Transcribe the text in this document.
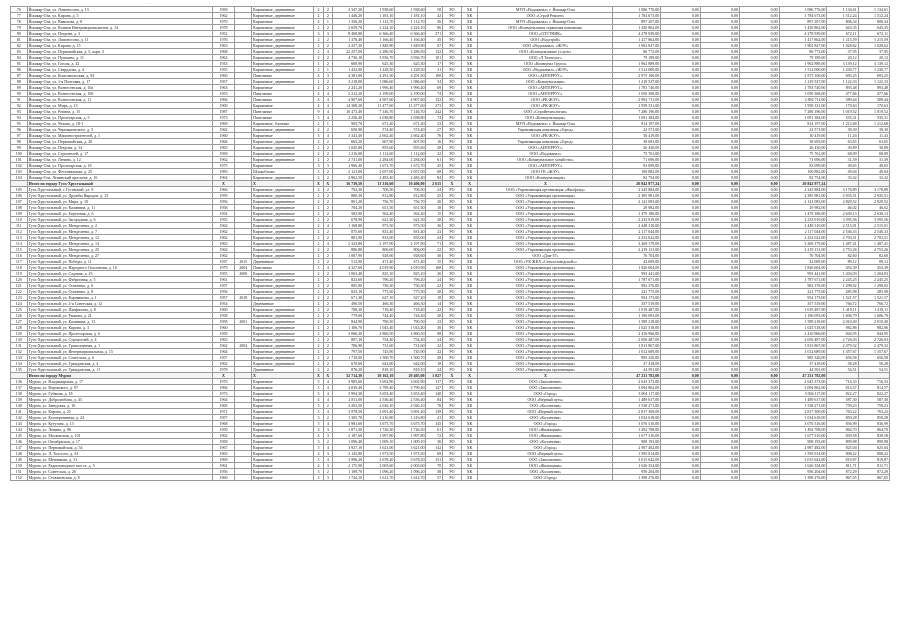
.	.	·	.	·	.	·
76	Йошкар-Ола, ул. Ломоносова, д. 13	1958		Кирпичные, деревянные	2	2	2 347,20	1 938,60	1 938,60	58	РО	ХК	МУП «Водоканал» г. Йошкар-Олы	1 086 776,00	0,00	0,00	0,00	1 086 776,00	1 134,61	1 134,61
77	Йошкар-Ола, ул. Кирова, д. 5	1962		Кирпичные, деревянные	2	2	1 446,20	1 181,10	1 181,10	42	РО	ХК	ООО «Строй Ремонт»	1 784 673,00	0,00	0,00	0,00	1 784 673,00	1 512,24	1 512,24
78	Йошкар-Ола, ул. Вавилова, д. 8	1970		Кирпичные	4	1	1 356,20	1 112,70	1 112,70	36	РО	ХК	МУП «Водоканал» г. Йошкар-Олы	897 207,00	0,00	0,00	0,00	897 207,00	806,34	806,34
79	Йошкар-Ола, ул. Воинов Интернационалистов, д. 14	1978		Кирпичные, деревянные	2	2	2 659,70	2 224,10	2 224,10	86	РО	ХК	ООО «Коммунальная сервисная компания»	1 430 862,00	0,00	0,00	0,00	1 430 862,00	643,35	643,35
80	Йошкар-Ола, ул. Петрова, д. 3	1952		Кирпичные, деревянные	3	3	8 468,80	6 366,40	6 366,40	271	РО	ХК	ООО «СПУТНИК»	4 278 939,00	0,00	0,00	0,00	4 278 939,00	672,11	672,11
81	Йошкар-Ола, ул. Ломоносова, д. 11	1976		Кирпичные, деревянные	2	2	1 376,40	1 166,40	1 166,40	45	РО	ХК	ООО «Водстрой»	1 417 862,00	0,00	0,00	0,00	1 417 862,00	1 215,59	1 215,59
82	Йошкар-Ола, ул. Кирова, д. 15	1963		Кирпичные, деревянные	2	2	2 257,30	1 849,90	1 849,90	67	РО	ХК	ООО «Водоканал» «ЖЭУ»	1 902 847,00	0,00	0,00	0,00	1 902 847,00	1 028,62	1 028,62
83	Йошкар-Ола, ул. Первомайская, д. 5, корп. 2	1968		Кирпичные, деревянные	2	4	22 257,00	2 286,50	2 286,50	132	РО	ХК	ООО «Коммунальные услуги»	86 772,00	0,00	0,00	0,00	86 772,00	37,95	37,95
84	Йошкар-Ола, ул. Пушкина, д. 11	1962		Кирпичные, деревянные	2	2	4 736,10	3 936,70	3 936,70	101	РО	ХК	ООО «Л Технолог»	79 189,00	0,00	0,00	0,00	79 189,00	20,12	20,12
85	Йошкар-Ола, ул. Гоголя, д. 22	1933		Кирпичные, деревянные	1	2	668,90	625,30	625,30	17	РО	ХК	ООО «Коммунал Групп»	1 962 889,00	0,00	0,00	0,00	1 962 889,00	3 139,12	3 139,12
86	Йошкар-Ола, ул. Свердлова, д. 4	1955		Кирпичные, деревянные	2	1	1 432,90	1 228,50	1 228,50	31	РО	ХК	ООО «Водоканал» «ЖЭУ»	1 512 000,00	0,00	0,00	0,00	1 512 000,00	1 230,77	1 230,77
87	Йошкар-Ола, ул. Комсомольская, д. 94	1960		Панельные	4	3	4 381,00	4 291,50	4 291,50	100	РО	ХК	ООО «АНТЕРРУС»	2 975 100,00	0,00	0,00	0,00	2 975 100,00	693,25	693,25
88	Йошкар-Ола, ул. 1-я Почтовая, д. 17	1957		Кирпичные, деревянные	1	2	3 218,00	1 086,60	1 086,60	54	РО	ХК	ООО «Коммунальник»	1 219 527,00	0,00	0,00	0,00	1 219 527,00	1 122,33	1 122,33
89	Йошкар-Ола, ул. Вознесенская, д. 10а	1963		Кирпичные	2	2	2 241,20	1 996,40	1 996,40	69	РО	ХК	ООО «АНТЕРРУС»	1 783 740,00	0,00	0,00	0,00	1 783 740,00	893,48	893,48
90	Йошкар-Ола, ул. Вознесенская, д. 106	1953		Панельные	4	4	2 212,20	2 199,00	2 199,00	74	РО	ХК	ООО «АНТЕРРУС»	1 050 368,00	0,00	0,00	0,00	1 050 368,00	477,66	477,66
91	Йошкар-Ола, ул. Вознесенская, д. 11	1966		Панельные	4	4	4 907,60	4 907,60	4 907,60	152	РО	ХК	ООО «РК-ЖЭУ»	2 892 711,00	0,00	0,00	0,00	2 892 711,00	589,44	589,44
92	Йошкар-Ола, ул. Мира, д. 13	1969		Кирпичные	4	4	14 308,20	11 477,60	11 477,60	273	РО	ХК	ООО «РК-ЖЭУ»	1 958 331,00	0,00	0,00	0,00	1 958 331,00	170,63	170,63
93	Йошкар-Ола, ул. Репина, д. 15	1987		Панельные	9	4	10 473,40	7 146,70	7 146,70	242	РО	ХК	ООО «Стройтехнологии»	7 286 196,00	0,00	0,00	0,00	7 286 196,00	1 019,52	1 019,52
94	Йошкар-Ола, ул. Пролетарская, д. 5	1973		Панельные	5	4	2 256,40	2 038,80	2 038,80	74	РО	ХК	ООО «Коммунальщик»	1 091 384,00	0,00	0,00	0,00	1 091 384,00	535,31	535,31
95	Йошкар-Ола, ул. Чехова, д. 18-1	1969		Кирпичные, блочные	2	1	905,70	671,40	671,40	23	РО	ХК	МУП «Водоканал» г. Йошкар-Олы	814 197,00	0,00	0,00	0,00	814 197,00	1 212,68	1 212,68
96	Йошкар-Ола, ул. Чернышевского, д. 5	1962		Кирпичные, деревянные	2	2	650,90	574,40	574,40	27	РО	ХК	Управляющая компания «Город»	22 571,00	0,00	0,00	0,00	22 571,00	39,30	39,30
97	Йошкар-Ола, ул. Машиностроителей, д. 1	1960		Кирпичные	3	4	3 343,40	2 662,40	2 662,40	76	РО	ХК	ООО «РК-ЖЭУ»	30 419,00	0,00	0,00	0,00	30 419,00	11,43	11,43
98	Йошкар-Ола, ул. Первомайская, д. 20	1964		Кирпичные, деревянные	2	2	665,20	607,90	607,90	16	РО	ХК	Управляющая компания «Город»	38 693,00	0,00	0,00	0,00	38 693,00	63,65	63,65
99	Йошкар-Ола, ул. Петрова, д. 14	1965		Кирпичные, деревянные	2	2	1 045,80	855,60	855,60	28	РО	ХК	ООО «АНТЕРРУС»	26 430,00	0,00	0,00	0,00	26 430,00	30,89	30,89
100	Йошкар-Ола, ул. Строителей, д. 17	1958		Кирпичные, деревянные	2	2	1 216,00	1 112,60	1 112,60	32	РО	ХК	ООО «Водоканал»	75 761,00	0,00	0,00	0,00	75 761,00	68,09	68,09
101	Йошкар-Ола, ул. Ленина, д. 12	1962		Кирпичные, деревянные	2	2	2 741,00	2 284,00	2 284,00	61	РО	ХК	ООО «Коммунальное хозяйство»	71 696,00	0,00	0,00	0,00	71 696,00	31,39	31,39
102	Йошкар-Ола, ул. Пролетарская, д. 18	1975		Кирпичные	3	3	1 966,40	1 673,70	1 673,70	45	РО	ХК	ООО «АНТЕРРУС»	83 099,00	0,00	0,00	0,00	83 099,00	49,65	49,65
103	Йошкар-Ола, ул. Фестивальная, д. 25	1983		Шлакоблоки	5	2	2 121,00	2 057,00	2 057,00	68	РО	ХК	ООО ГК «ЖЭУ»	100 882,00	0,00	0,00	0,00	100 882,00	49,04	49,04
104	Йошкар-Ола, Ленинский проспект, д. 16	1964		Кирпичные, деревянные	2	2	2 862,50	2 483,40	2 483,40	84	РО	ХК	ООО «Коммунальщик»	82 754,00	0,00	0,00	0,00	82 754,00	33,32	33,32
	Итого по городу Гусь-Хрустальный	X		X	X	X	16 739,50	13 316,60	10 406,00	2 615	X	X	X	20 842 977,24	0,00	0,00	0,00	20 842 977,24		
105	Гусь-Хрустальный, г. Гусевский, ул. 9	1966		Кирпичные, деревянные	2	2	792,30	706,50	706,50	24	РО	ХК	ООО «Управляющая организация «Жилфонд»	2 245 884,00	0,00	0,00	0,00	2 245 884,00	3 178,89	3 178,89
106	Гусь-Хрустальный, ул. Дружбы Народов, д. 13	1959		Кирпичные, деревянные	2	2	880,30	812,80	812,80	25	РО	ХК	ООО «Управляющая организация»	2 385 981,00	0,00	0,00	0,00	2 385 981,00	2 935,51	2 935,51
107	Гусь-Хрустальный, ул. Мира, д. 10	1956		Кирпичные, деревянные	2	2	801,20	756,70	756,70	26	РО	ХК	ООО «Управляющая организация»	2 141 083,00	0,00	0,00	0,00	2 141 083,00	2 829,52	2 829,52
108	Гусь-Хрустальный, ул. Калинина, д. 11	1958		Кирпичные, деревянные	2	2	704,20	651,50	651,50	18	РО	ХК	ООО «Управляющая организация»	29 982,00	0,00	0,00	0,00	29 982,00	46,02	46,02
109	Гусь-Хрустальный, ул. Березовая, д. 6	1954		Кирпичные, деревянные	2	2	583,90	562,40	562,40	15	РО	ХК	ООО «Управляющая организация»	1 479 186,00	0,00	0,00	0,00	1 479 186,00	2 630,13	2 630,13
110	Гусь-Хрустальный, ул. Загородная, д. 6	1955		Кирпичные, деревянные	2	2	678,90	621,30	621,30	20	РО	ХК	ООО «Управляющая организация»	2 233 919,00	0,00	0,00	0,00	2 233 919,00	3 595,56	3 595,56
111	Гусь-Хрустальный, ул. Менделеева, д. 2	1962		Кирпичные, деревянные	2	4	1 168,80	973,50	973,50	36	РО	ХК	ООО «Управляющая организация»	2 448 310,00	0,00	0,00	0,00	2 448 310,00	2 515,01	2 515,01
112	Гусь-Хрустальный, ул. Менделеева, д. 7	1962		Кирпичные, деревянные	2	2	875,60	831,40	831,40	23	РО	ХК	ООО «Управляющая организация»	2 117 044,00	0,00	0,00	0,00	2 117 044,00	2 546,33	2 546,33
113	Гусь-Хрустальный, ул. Менделеева, д. 12	1962		Кирпичные, деревянные	2	2	881,90	833,00	833,00	24	РО	ХК	ООО «Управляющая организация»	2 252 022,00	0,00	0,00	0,00	2 252 022,00	2 703,51	2 703,51
114	Гусь-Хрустальный, ул. Менделеева, д. 14	1963		Кирпичные, деревянные	2	4	2 323,80	2 197,90	2 197,90	71	РО	ХК	ООО «Управляющая организация»	3 269 179,00	0,00	0,00	0,00	3 269 179,00	1 487,41	1 487,41
115	Гусь-Хрустальный, ул. Менделеева, д. 25	1962		Кирпичные, деревянные	2	2	886,80	806,00	806,00	22	РО	ХК	ООО «Управляющая организация»	2 219 131,00	0,00	0,00	0,00	2 219 131,00	2 753,26	2 753,26
116	Гусь-Хрустальный, ул. Менделеева, д. 27	1962		Кирпичные, деревянные	2	2	1 087,90	928,60	928,60	30	РО	ХК	ООО «Дом-37»	76 704,00	0,00	0,00	0,00	76 704,00	82,60	82,60
117	Гусь-Хрустальный, ул. Победы, д. 11	1937	2015	Деревянные	2	2	512,90	471,40	471,40	15	РО	ХК	ООО «УК ЖКХ «Стеклозаводской»»	42 009,00	0,00	0,00	0,00	42 009,00	89,12	89,12
118	Гусь-Хрустальный, ул. Народного Ополчения, д. 10	1979	2004	Панельные	5	4	4 327,60	4 019,90	4 019,90	168	РО	ХК	ООО «Управляющая организация»	1 826 604,00	0,00	0,00	0,00	1 826 604,00	454,39	454,39
119	Гусь-Хрустальный, ул. Садовая, д. 23	1955	2000	Кирпичные, деревянные	2	2	1 063,40	825,10	825,10	26	РО	ХК	ООО «Управляющая организация»	993 441,00	0,00	0,00	0,00	993 441,00	1 204,03	1 204,03
120	Гусь-Хрустальный, ул. Фабричная, д. 5	1961		Кирпичные, деревянные	2	2	823,60	796,20	796,20	24	РО	ХК	ООО «Управляющая организация»	1 787 671,00	0,00	0,00	0,00	1 787 671,00	2 245,25	2 245,25
121	Гусь-Хрустальный, ул. Осипенко, д. 6	1957		Кирпичные, деревянные	2	2	805,80	756,30	756,30	22	РО	ХК	ООО «Управляющая организация»	982 376,00	0,00	0,00	0,00	982 376,00	1 298,92	1 298,92
122	Гусь-Хрустальный, ул. Осипенко, д. 8	1956		Кирпичные, деревянные	2	2	825,10	775,50	775,50	20	РО	ХК	ООО «Управляющая организация»	221 775,00	0,00	0,00	0,00	221 775,00	285,98	285,98
123	Гусь-Хрустальный, ул. Каравашева, д. 1	1957	2018	Кирпичные, деревянные	2	2	671,30	627,10	627,10	18	РО	ХК	ООО «Управляющая организация»	954 173,00	0,00	0,00	0,00	954 173,00	1 521,57	1 521,57
124	Гусь-Хрустальный, ул. 2-я Советская, д. 12	1954		Деревянные	2	2	496,50	466,30	466,30	14	РО	ХК	ООО «Управляющая организация»	357 519,00	0,00	0,00	0,00	357 519,00	766,72	766,72
125	Гусь-Хрустальный, ул. Панфилова, д. 8	1960		Кирпичные, деревянные	2	2	768,30	718,40	718,40	22	РО	ХК	ООО «Управляющая организация»	1 019 487,00	0,00	0,00	0,00	1 019 487,00	1 419,11	1 419,11
126	Гусь-Хрустальный, ул. Рыжова, д. 21	1958		Кирпичные, деревянные	2	2	779,00	744,40	744,40	20	РО	ХК	ООО «Управляющая организация»	1 196 093,00	0,00	0,00	0,00	1 196 093,00	1 606,79	1 606,79
127	Гусь-Хрустальный, ул. Калинина, д. 13	1958	2001	Кирпичные, деревянные	2	2	844,90	790,50	790,50	23	РО	ХК	ООО «Управляющая организация»	1 589 218,00	0,00	0,00	0,00	1 589 218,00	2 010,40	2 010,40
128	Гусь-Хрустальный, ул. Кирова, д. 3	1960		Кирпичные, деревянные	2	2	1 106,70	1 043,40	1 043,40	30	РО	ХК	ООО «Управляющая организация»	1 025 518,00	0,00	0,00	0,00	1 025 518,00	982,86	982,86
129	Гусь-Хрустальный, ул. Пролетарская, д. 6	1959		Кирпичные, деревянные	2	2	3 066,30	2 860,50	2 860,50	98	РО	ХК	ООО «Управляющая организация»	2 416 966,00	0,00	0,00	0,00	2 416 966,00	844,95	844,95
130	Гусь-Хрустальный, ул. Строителей, д. 4	1963		Кирпичные, деревянные	2	2	807,10	754,40	754,40	24	РО	ХК	ООО «Управляющая организация»	2 056 487,00	0,00	0,00	0,00	2 056 487,00	2 726,03	2 726,03
131	Гусь-Хрустальный, ул. Транспортная, д. 1	1962	2004	Кирпичные, деревянные	2	2	786,90	731,60	731,60	22	РО	ХК	ООО «Управляющая организация»	1 813 867,00	0,00	0,00	0,00	1 813 867,00	2 479,32	2 479,32
132	Гусь-Хрустальный, ул. Интернациональная, д. 15	1964		Кирпичные, деревянные	2	2	797,50	745,90	745,90	22	РО	ХК	ООО «Управляющая организация»	1 012 689,00	0,00	0,00	0,00	1 012 689,00	1 357,67	1 357,67
133	Гусь-Хрустальный, ул. Советская, д. 6	1957		Кирпичные, деревянные	2	2	1 710,00	1 500,70	1 500,70	49	РО	ХК	ООО «Управляющая организация»	985 320,00	0,00	0,00	0,00	985 320,00	656,58	656,58
134	Гусь-Хрустальный, ул. Гражданская, д. 4	1962		Кирпичные, деревянные	2	2	678,60	642,00	642,00	18	РО	ХК	ООО «Управляющая организация»	37 418,00	0,00	0,00	0,00	37 418,00	58,28	58,28
135	Гусь-Хрустальный, ул. Гражданская, д. 11	1978		Деревянные	2	2	876,20	818,10	818,10	24	РО	ХК	ООО «Управляющая организация»	44 591,00	0,00	0,00	0,00	44 591,00	54,51	54,51
	Итого по городу Муром	X		X	X	X	32 714,30	30 162,10	29 405,00	1 027	X	X	X	47 231 782,00	0,00	0,00	0,00	47 231 782,00		
136	Муром, ул. Владимирская, д. 17	1970		Кирпичные	5	4	3 985,60	3 692,90	3 692,90	117	РО	ХК	ООО «Заполнение»	2 645 373,00	0,00	0,00	0,00	2 645 373,00	716,33	716,33
137	Муром, ул. Воровского, д. 97	1966		Кирпичные	5	4	4 039,40	3 799,40	3 799,40	127	РО	ХК	ООО «Заполнение»	3 094 862,00	0,00	0,00	0,00	3 094 862,00	814,57	814,57
138	Муром, ул. Губкина, д. 18	1973		Кирпичные	5	4	3 994,30	3 653,40	3 653,40	140	РО	ХК	ООО «Город»	3 004 117,00	0,00	0,00	0,00	3 004 117,00	822,27	822,27
139	Муром, ул. Добролюбова, д. 43	1964		Кирпичные	4	4	2 811,00	2 536,40	2 536,40	84	РО	ХК	ООО «Верный путь»	1 489 617,00	0,00	0,00	0,00	1 489 617,00	587,30	587,30
140	Муром, ул. Заводская, д. 10	1965		Кирпичные	5	2	2 202,50	2 026,10	2 026,10	76	РО	ХК	ООО «Коллектив»	1 538 271,00	0,00	0,00	0,00	1 538 271,00	759,23	759,23
141	Муром, ул. Кирова, д. 25	1971		Кирпичные	5	4	3 978,50	3 691,40	3 691,40	139	РО	ХК	ООО «Верный путь»	2 817 309,00	0,00	0,00	0,00	2 817 309,00	763,22	763,22
142	Муром, ул. Кооперативная, д. 24	1957		Кирпичные	3	2	1 305,70	1 216,80	1 216,80	41	РО	ХК	ООО «Коллектив»	1 034 618,00	0,00	0,00	0,00	1 034 618,00	850,28	850,28
143	Муром, ул. Кутузова, д. 13	1968		Кирпичные	5	4	3 981,60	3 675,70	3 675,70	145	РО	ХК	ООО «Город»	3 076 516,00	0,00	0,00	0,00	3 076 516,00	836,99	836,99
144	Муром, ул. Ленина, д. 86	1959		Кирпичные	3	3	1 871,30	1 726,30	1 726,30	61	РО	ХК	ООО «Жилищник»	1 492 708,00	0,00	0,00	0,00	1 492 708,00	864,70	864,70
145	Муром, ул. Московская, д. 101	1962		Кирпичные	4	3	2 187,60	1 997,80	1 997,80	72	РО	ХК	ООО «Жилищник»	1 677 310,00	0,00	0,00	0,00	1 677 310,00	839,58	839,58
146	Муром, ул. Октябрьская, д. 17	1958		Кирпичные	3	2	1 096,40	1 009,10	1 009,10	36	РО	ХК	ООО «Коллектив»	908 193,00	0,00	0,00	0,00	908 193,00	899,98	899,98
147	Муром, ул. Первомайская, д. 54	1967		Кирпичные	5	4	3 927,10	3 621,00	3 621,00	142	РО	ХК	ООО «Город»	2 987 482,00	0,00	0,00	0,00	2 987 482,00	825,04	825,04
148	Муром, ул. Л. Толстого, д. 53	1963		Кирпичные	4	3	2 145,80	1 973,50	1 973,50	69	РО	ХК	ООО «Верный путь»	1 595 014,00	0,00	0,00	0,00	1 595 014,00	808,22	808,22
149	Муром, ул. Мечникова, д. 31	1969		Кирпичные	5	4	3 996,20	3 678,20	3 678,20	131	РО	ХК	ООО «Заполнение»	3 015 642,00	0,00	0,00	0,00	3 015 642,00	819,87	819,87
150	Муром, ул. Радиозаводское шоссе, д. 5	1961		Кирпичные	4	3	2 175,90	2 003,60	2 003,60	70	РО	ХК	ООО «Жилищник»	1 626 334,00	0,00	0,00	0,00	1 626 334,00	811,71	811,71
151	Муром, ул. Советская, д. 26	1956		Кирпичные	3	2	1 189,70	1 096,20	1 096,20	38	РО	ХК	ООО «Коллектив»	956 204,00	0,00	0,00	0,00	956 204,00	872,29	872,29
152	Муром, ул. Стахановская, д. 8	1960		Кирпичные	3	3	1 744,10	1 612,70	1 612,70	57	РО	ХК	ООО «Город»	1 398 276,00	0,00	0,00	0,00	1 398 276,00	867,05	867,05
